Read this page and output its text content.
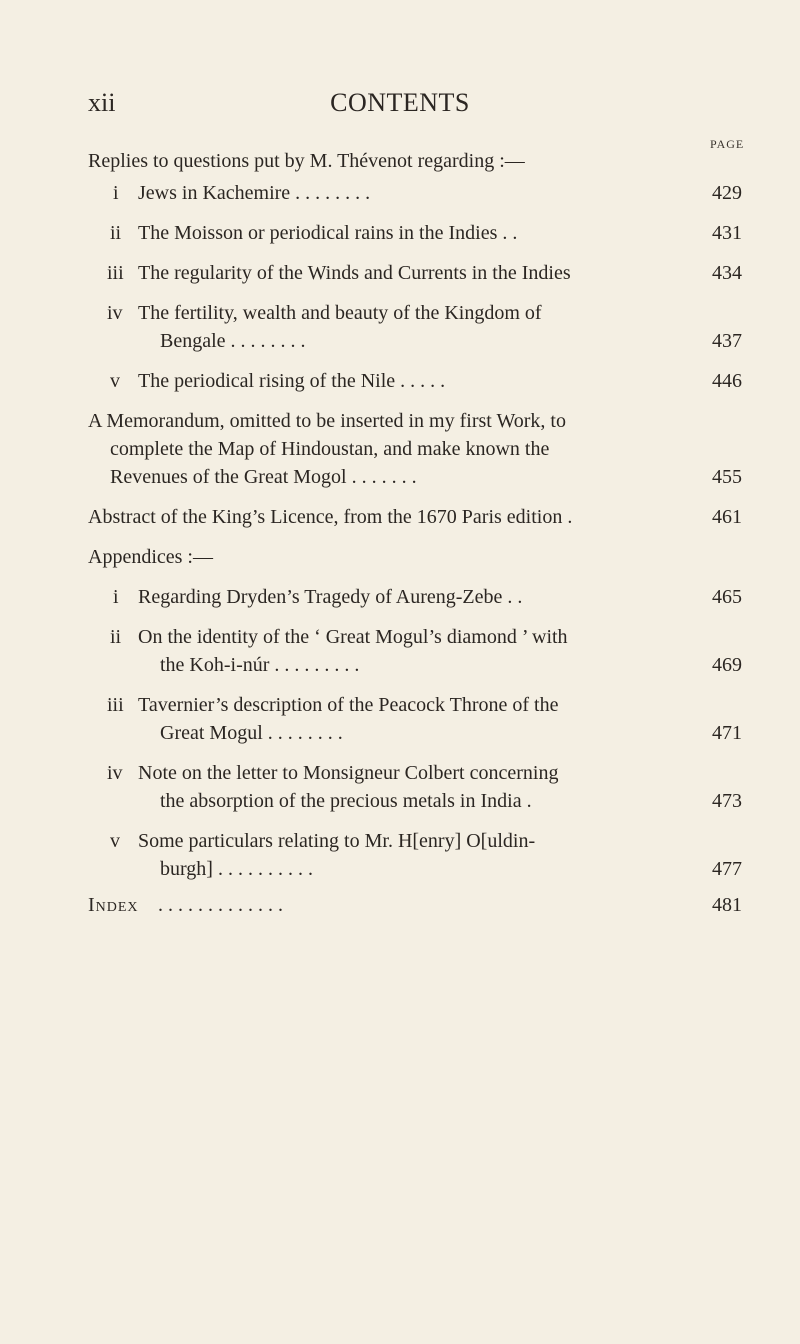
xii	CONTENTS
PAGE
Replies to questions put by M. Thévenot regarding :—
i Jews in Kachemire . . . . . . . .	429
ii The Moisson or periodical rains in the Indies . .	431
iii The regularity of the Winds and Currents in the Indies	434
iv The fertility, wealth and beauty of the Kingdom of
Bengale . . . . . . . .	437
v The periodical rising of the Nile . . . . .	446
A Memorandum, omitted to be inserted in my first Work, to
complete the Map of Hindoustan, and make known the
Revenues of the Great Mogol . . . . . . .	455
Abstract of the King’s Licence, from the 1670 Paris edition .	461
Appendices :—
i Regarding Dryden’s Tragedy of Aureng-Zebe . .	465
ii On the identity of the ‘ Great Mogul’s diamond ’ with
the Koh-i-núr . . . . . . . . .	469
iii Tavernier’s description of the Peacock Throne of the
Great Mogul . . . . . . . .	471
iv Note on the letter to Monsigneur Colbert concerning
the absorption of the precious metals in India .	473
v Some particulars relating to Mr. H[enry] O[uldin-
burgh] . . . . . . . . . .	477
Index . . . . . . . . . . . . .	481
